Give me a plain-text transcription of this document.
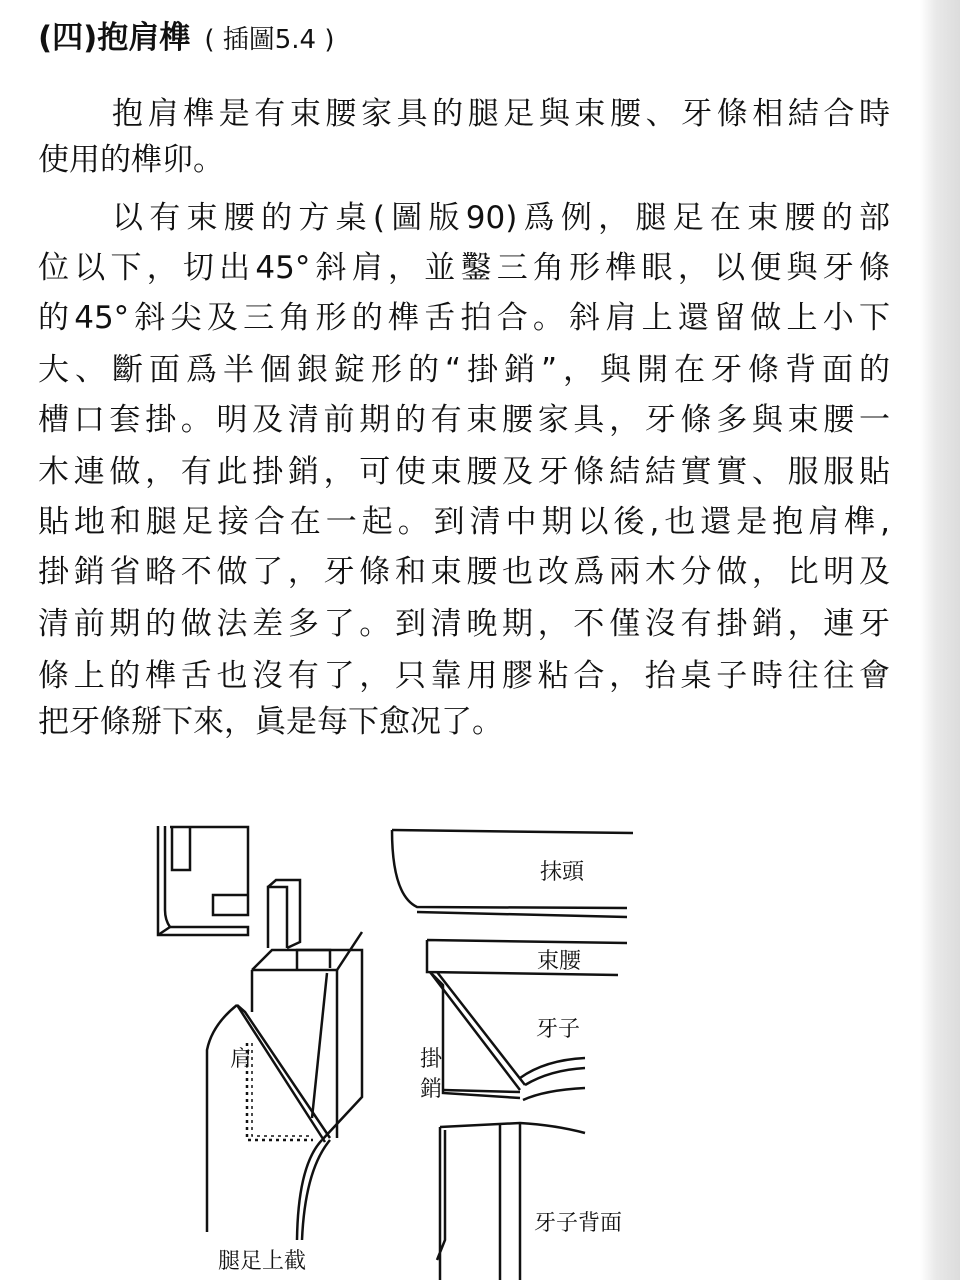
(四)抱肩榫 ( 插圖5.4 )
抱肩榫是有束腰家具的腿足與束腰、牙條相結合時
使用的榫卯。
以有束腰的方桌(圖版90)爲例，腿足在束腰的部
位以下，切出45°斜肩，並鑿三角形榫眼，以便與牙條
的45°斜尖及三角形的榫舌拍合。斜肩上還留做上小下
大、斷面爲半個銀錠形的“掛銷”，與開在牙條背面的
槽口套掛。明及清前期的有束腰家具，牙條多與束腰一
木連做，有此掛銷，可使束腰及牙條結結實實、服服貼
貼地和腿足接合在一起。到清中期以後,也還是抱肩榫,
掛銷省略不做了，牙條和束腰也改爲兩木分做，比明及
清前期的做法差多了。到清晚期，不僅沒有掛銷，連牙
條上的榫舌也沒有了，只靠用膠粘合，抬桌子時往往會
把牙條掰下來，眞是每下愈况了。
肩	掛
銷
腿足上截
抹頭
束腰
牙子
牙子背面
